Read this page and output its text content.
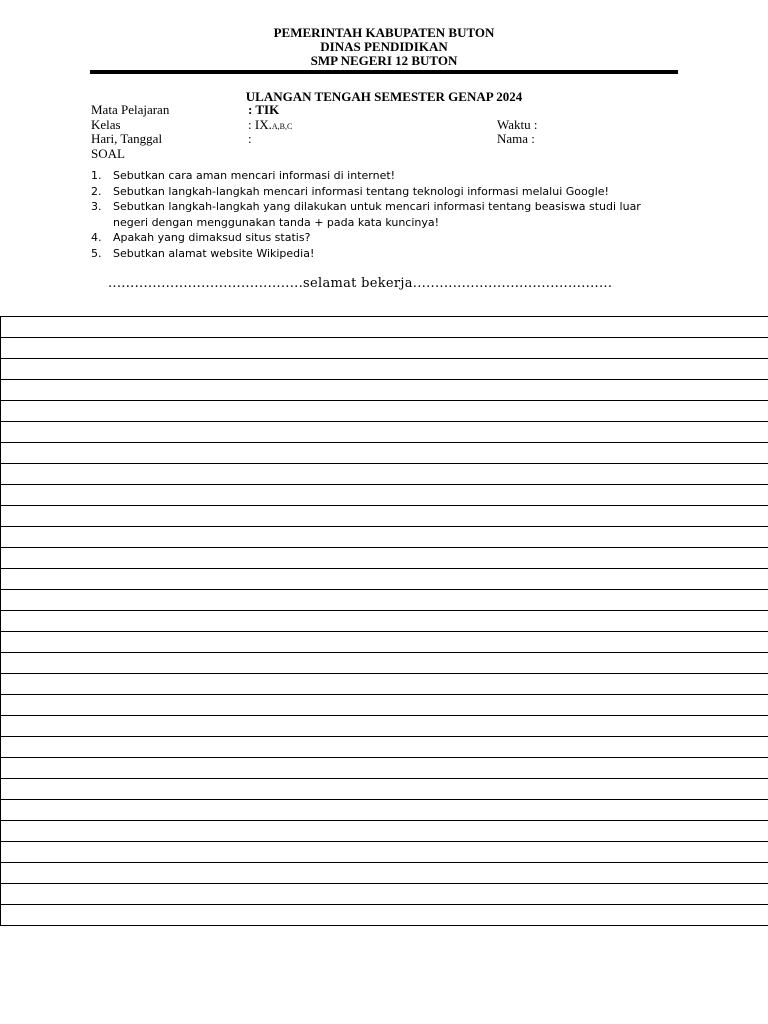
PEMERINTAH KABUPATEN BUTON
DINAS PENDIDIKAN
SMP NEGERI 12 BUTON
ULANGAN TENGAH SEMESTER GENAP 2024
Mata Pelajaran	: TIK
Kelas	: IX.A,B,C	Waktu :
Hari, Tanggal	:	Nama :
SOAL
1. Sebutkan cara aman mencari informasi di internet!
2. Sebutkan langkah-langkah mencari informasi tentang teknologi informasi melalui Google!
3. Sebutkan langkah-langkah yang dilakukan untuk mencari informasi tentang beasiswa studi luar negeri dengan menggunakan tanda + pada kata kuncinya!
4. Apakah yang dimaksud situs statis?
5. Sebutkan alamat website Wikipedia!
............................................selamat bekerja.............................................
